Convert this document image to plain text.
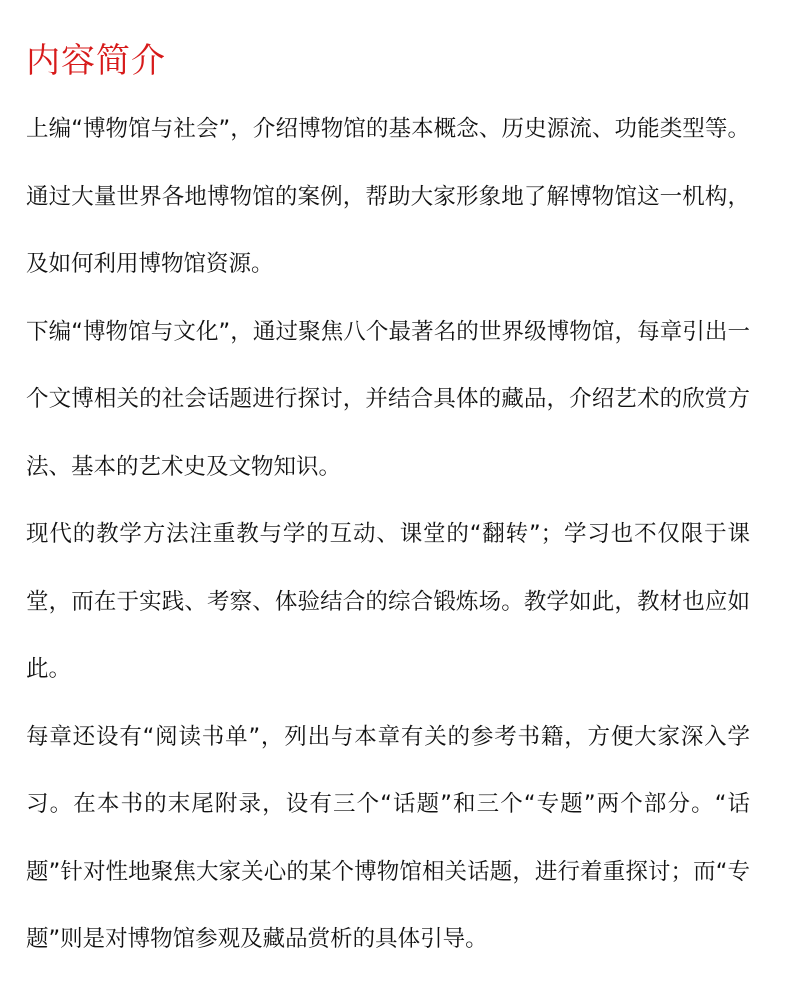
内容简介

上编“博物馆与社会”，介绍博物馆的基本概念、历史源流、功能类型等。通过大量世界各地博物馆的案例，帮助大家形象地了解博物馆这一机构，及如何利用博物馆资源。

下编“博物馆与文化”，通过聚焦八个最著名的世界级博物馆，每章引出一个文博相关的社会话题进行探讨，并结合具体的藏品，介绍艺术的欣赏方法、基本的艺术史及文物知识。

现代的教学方法注重教与学的互动、课堂的“翻转”；学习也不仅限于课堂，而在于实践、考察、体验结合的综合锻炼场。教学如此，教材也应如此。

每章还设有“阅读书单”，列出与本章有关的参考书籍，方便大家深入学习。在本书的末尾附录，设有三个“话题”和三个“专题”两个部分。“话题”针对性地聚焦大家关心的某个博物馆相关话题，进行着重探讨；而“专题”则是对博物馆参观及藏品赏析的具体引导。
